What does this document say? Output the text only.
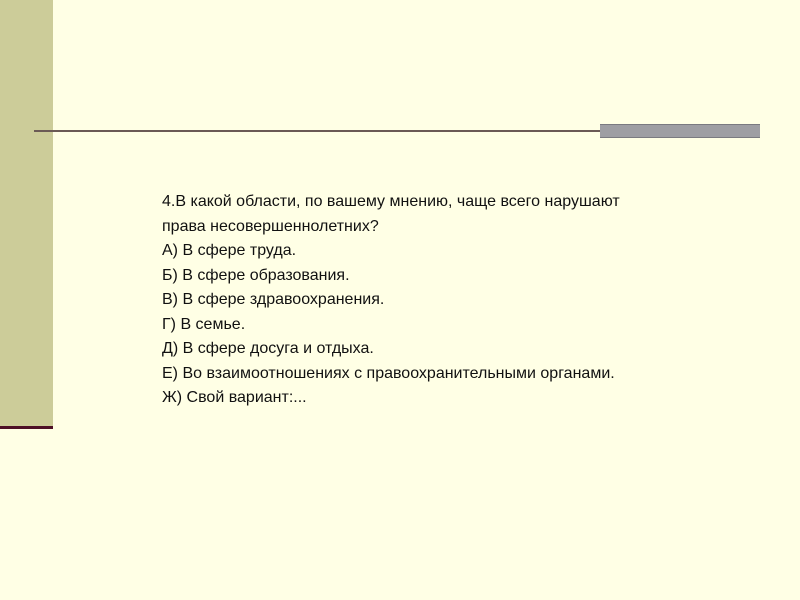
4.В какой области, по вашему мнению, чаще всего нарушают права несовершеннолетних?

А) В сфере труда.

Б) В сфере образования.

В) В сфере здравоохранения.

Г) В семье.

Д) В сфере досуга и отдыха.

Е) Во взаимоотношениях с правоохранительными органами.

Ж) Свой вариант:...
